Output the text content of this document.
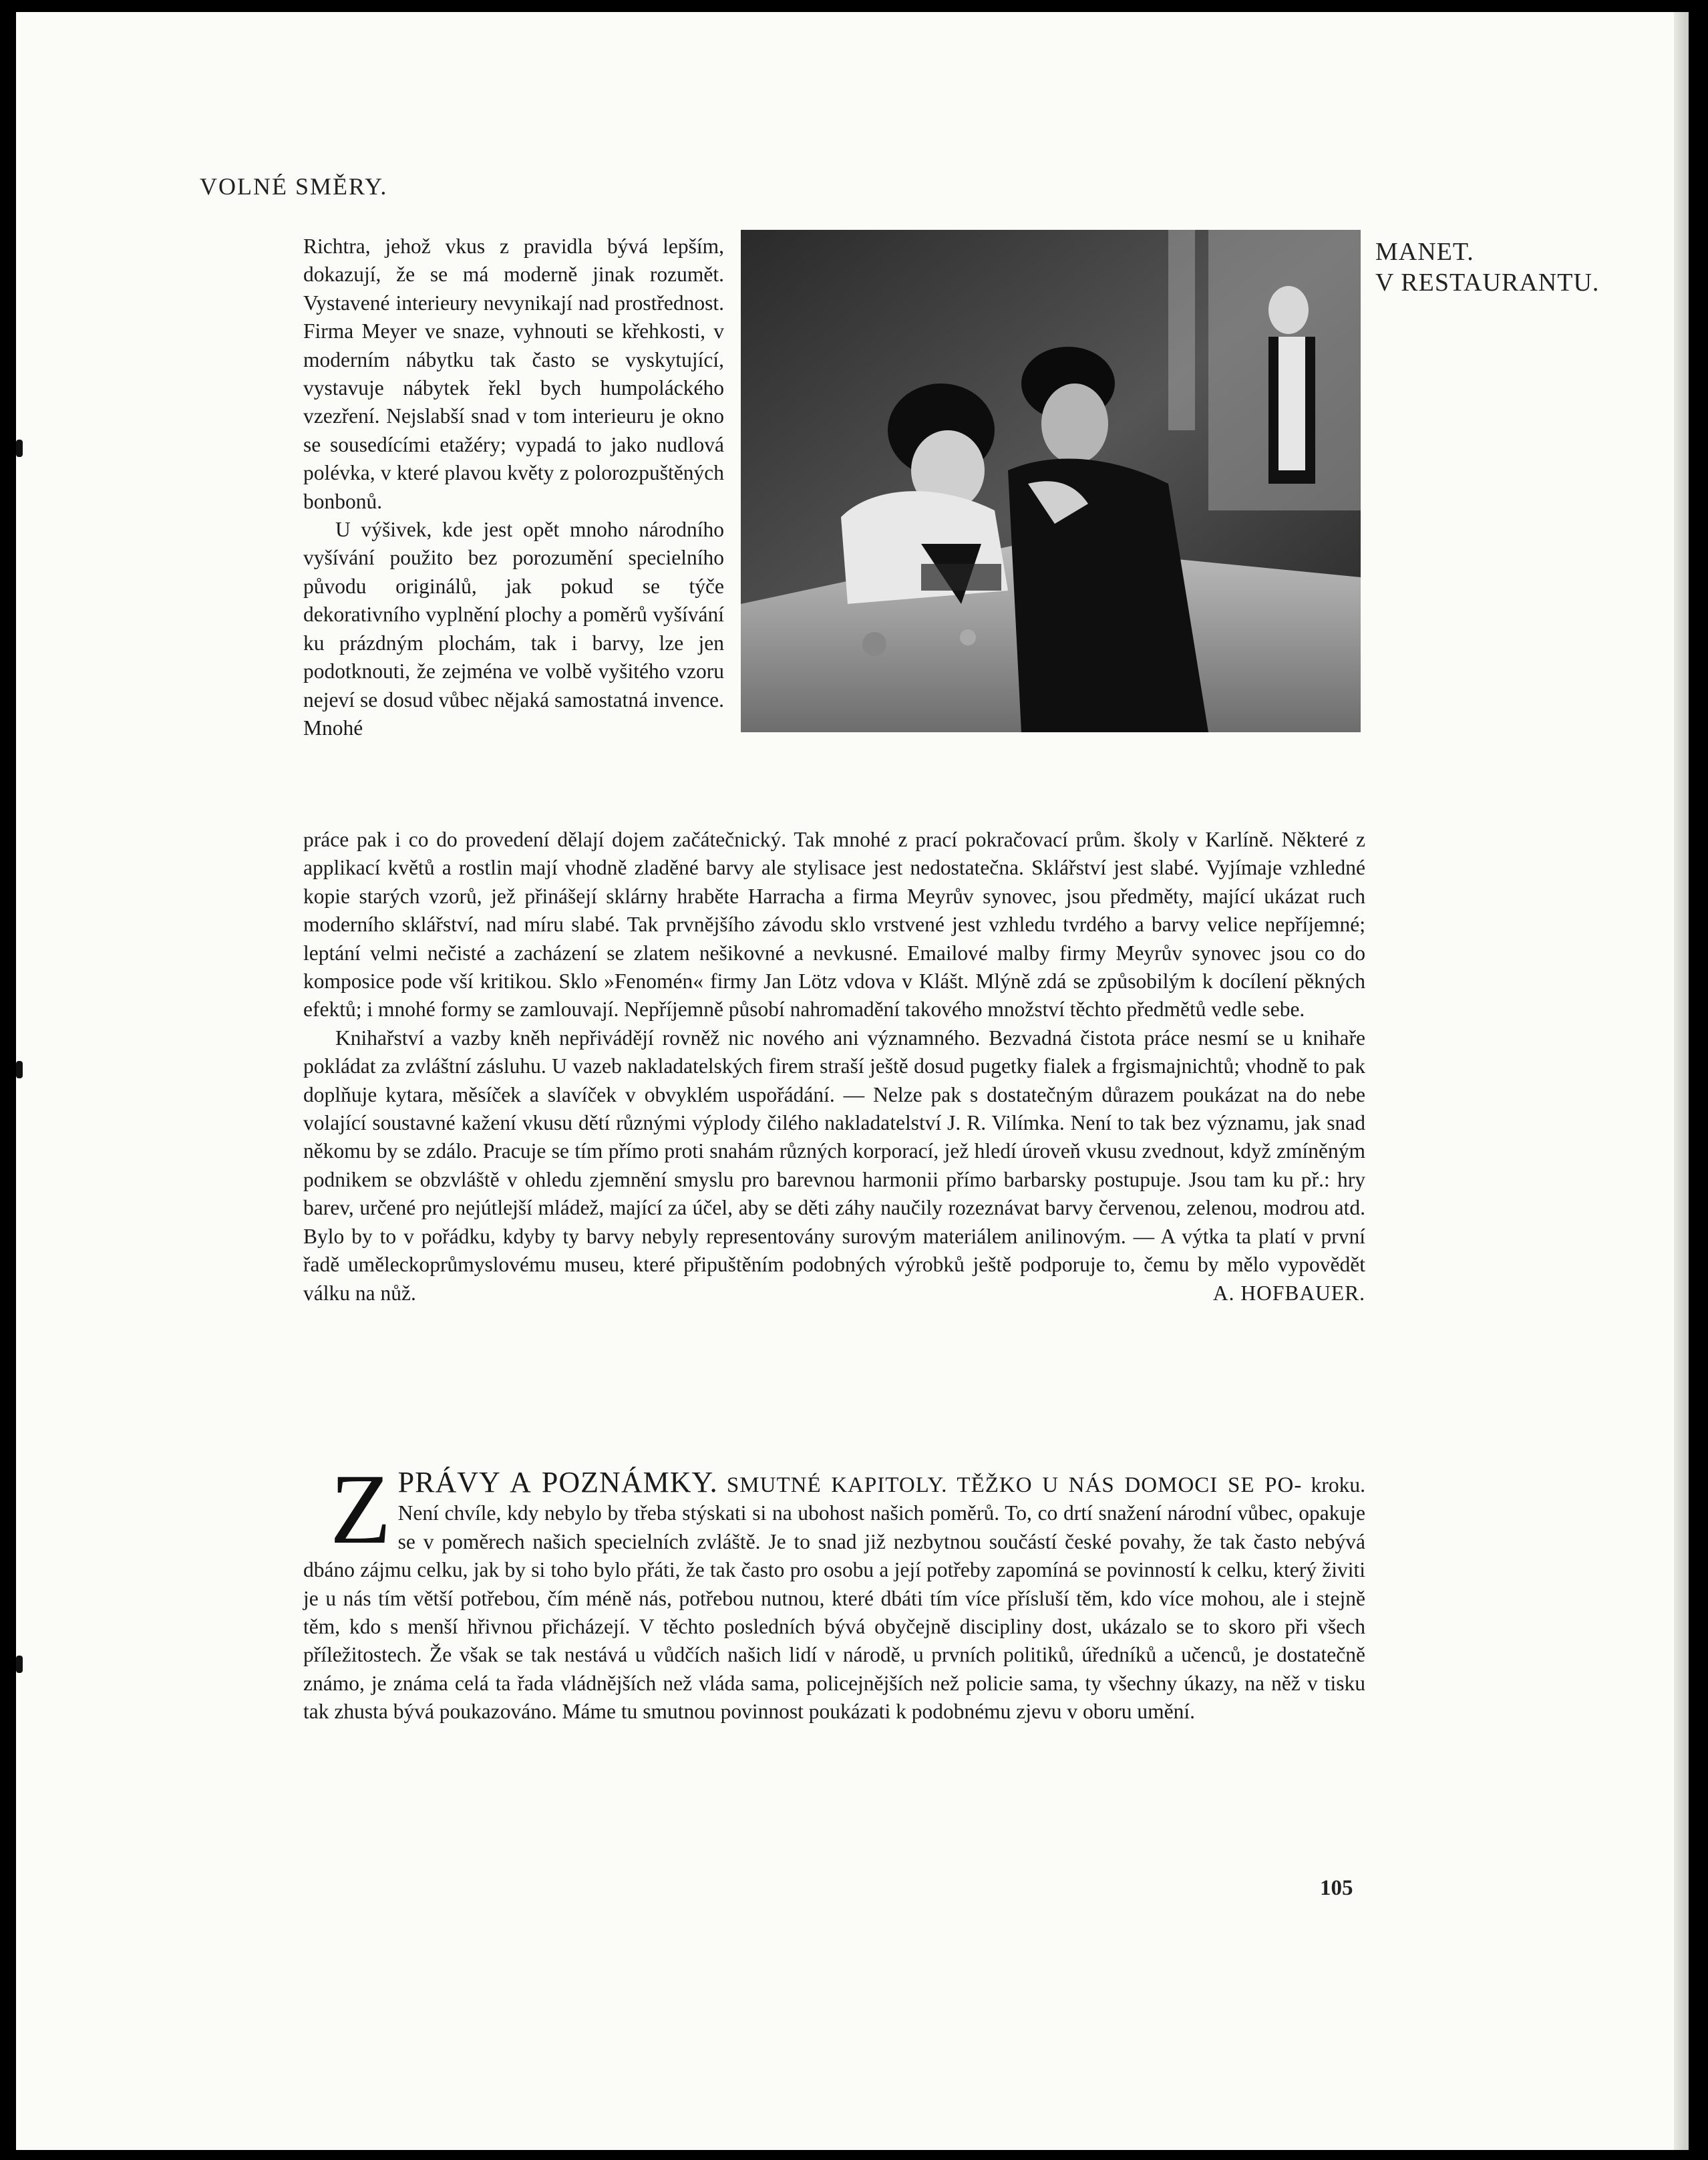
VOLNÉ SMĚRY.
MANET.
V RESTAURANTU.

Richtra, jehož vkus z pravidla bývá lepším, dokazují, že se má moderně jinak rozumět. Vystavené interieury nevynikají nad prostřednost. Firma Meyer ve snaze, vyhnouti se křehkosti, v moderním nábytku tak často se vyskytující, vystavuje nábytek řekl bych humpoláckého vzezření. Nejslabší snad v tom interieuru je okno se sousedícími etažéry; vypadá to jako nudlová polévka, v které plavou květy z polorozpuštěných bonbonů.

U výšivek, kde jest opět mnoho národního vyšívání použito bez porozumění specielního původu originálů, jak pokud se týče dekorativního vyplnění plochy a poměrů vyšívání ku prázdným plochám, tak i barvy, lze jen podotknouti, že zejména ve volbě vyšitého vzoru nejeví se dosud vůbec nějaká samostatná invence. Mnohé

práce pak i co do provedení dělají dojem začátečnický. Tak mnohé z prací pokračovací prům. školy v Karlíně. Některé z applikací květů a rostlin mají vhodně zladěné barvy ale stylisace jest nedostatečna. Sklářství jest slabé. Vyjímaje vzhledné kopie starých vzorů, jež přinášejí sklárny hraběte Harracha a firma Meyrův synovec, jsou předměty, mající ukázat ruch moderního sklářství, nad míru slabé. Tak prvnějšího závodu sklo vrstvené jest vzhledu tvrdého a barvy velice nepříjemné; leptání velmi nečisté a zacházení se zlatem nešikovné a nevkusné. Emailové malby firmy Meyrův synovec jsou co do komposice pode vší kritikou. Sklo »Fenomén« firmy Jan Lötz vdova v Klášt. Mlýně zdá se způsobilým k docílení pěkných efektů; i mnohé formy se zamlouvají. Nepříjemně působí nahromadění takového množství těchto předmětů vedle sebe.

Knihařství a vazby kněh nepřivádějí rovněž nic nového ani významného. Bezvadná čistota práce nesmí se u knihaře pokládat za zvláštní zásluhu. U vazeb nakladatelských firem straší ještě dosud pugetky fialek a frgismajnichtů; vhodně to pak doplňuje kytara, měsíček a slavíček v obvyklém uspořádání. — Nelze pak s dostatečným důrazem poukázat na do nebe volající soustavné kažení vkusu dětí různými výplody čilého nakladatelství J. R. Vilímka. Není to tak bez významu, jak snad někomu by se zdálo. Pracuje se tím přímo proti snahám různých korporací, jež hledí úroveň vkusu zvednout, když zmíněným podnikem se obzvláště v ohledu zjemnění smyslu pro barevnou harmonii přímo barbarsky postupuje. Jsou tam ku př.: hry barev, určené pro nejútlejší mládež, mající za účel, aby se děti záhy naučily rozeznávat barvy červenou, zelenou, modrou atd. Bylo by to v pořádku, kdyby ty barvy nebyly representovány surovým materiálem anilinovým. — A výtka ta platí v první řadě uměleckoprůmyslovému museu, které připuštěním podobných výrobků ještě podporuje to, čemu by mělo vypovědět válku na nůž.	A. HOFBAUER.

Z PRÁVY A POZNÁMKY. SMUTNÉ KAPITOLY. TĚŽKO U NÁS DOMOCI SE PO- kroku. Není chvíle, kdy nebylo by třeba stýskati si na ubohost našich poměrů. To, co drtí snažení národní vůbec, opakuje se v poměrech našich specielních zvláště. Je to snad již nezbytnou součástí české povahy, že tak často nebývá dbáno zájmu celku, jak by si toho bylo přáti, že tak často pro osobu a její potřeby zapomíná se povinností k celku, který živiti je u nás tím větší potřebou, čím méně nás, potřebou nutnou, které dbáti tím více přísluší těm, kdo více mohou, ale i stejně těm, kdo s menší hřivnou přicházejí. V těchto posledních bývá obyčejně discipliny dost, ukázalo se to skoro při všech příležitostech. Že však se tak nestává u vůdčích našich lidí v národě, u prvních politiků, úředníků a učenců, je dostatečně známo, je známa celá ta řada vládnějších než vláda sama, policejnějších než policie sama, ty všechny úkazy, na něž v tisku tak zhusta bývá poukazováno. Máme tu smutnou povinnost poukázati k podobnému zjevu v oboru umění.

105
